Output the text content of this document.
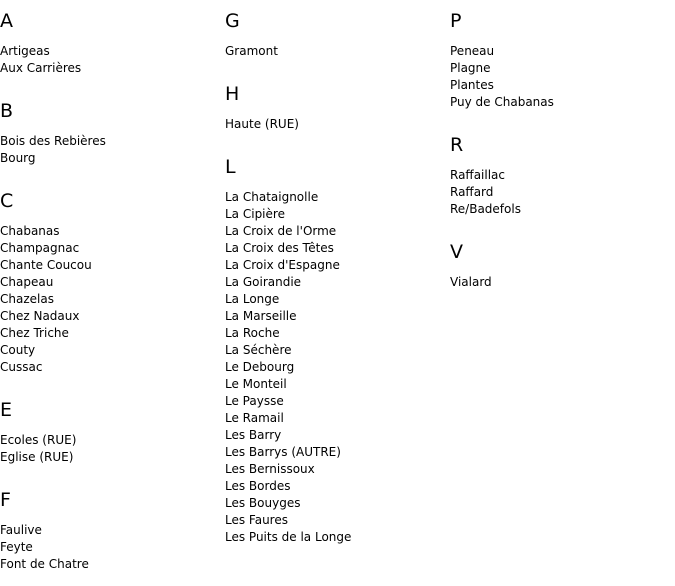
A
Artigeas
Aux Carrières
B
Bois des Rebières
Bourg
C
Chabanas
Champagnac
Chante Coucou
Chapeau
Chazelas
Chez Nadaux
Chez Triche
Couty
Cussac
E
Ecoles (RUE)
Eglise (RUE)
F
Faulive
Feyte
Font de Chatre
G
Gramont
H
Haute (RUE)
L
La Chataignolle
La Cipière
La Croix de l'Orme
La Croix des Têtes
La Croix d'Espagne
La Goirandie
La Longe
La Marseille
La Roche
La Séchère
Le Debourg
Le Monteil
Le Paysse
Le Ramail
Les Barry
Les Barrys (AUTRE)
Les Bernissoux
Les Bordes
Les Bouyges
Les Faures
Les Puits de la Longe
P
Peneau
Plagne
Plantes
Puy de Chabanas
R
Raffaillac
Raffard
Re/Badefols
V
Vialard
